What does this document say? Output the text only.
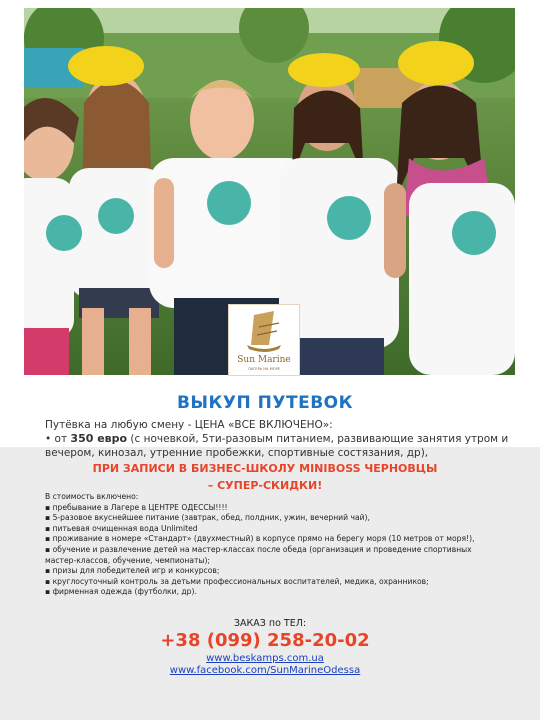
Sun Marine
ЛАГЕРЬ НА МОРЕ
ВЫКУП ПУТЕВОК
Путёвка на любую смену - ЦЕНА «ВСЕ ВКЛЮЧЕНО»:
• от 350 евро (с ночевкой, 5ти-разовым питанием, развивающие занятия утром и вечером, кинозал, утренние пробежки, спортивные состязания, др),
ПРИ ЗАПИСИ В БИЗНЕС-ШКОЛУ MINIBOSS ЧЕРНОВЦЫ
– СУПЕР-СКИДКИ!
В стоимость включено:
▪ пребывание в Лагере в ЦЕНТРЕ ОДЕССЫ!!!!
▪ 5-разовое вкуснейшее питание (завтрак, обед, полдник, ужин, вечерний чай),
▪ питьевая очищенная вода Unlimited
▪ проживание в номере «Стандарт» (двухместный) в корпусе прямо на берегу моря (10 метров от моря!),
▪ обучение и развлечение детей на мастер-классах после обеда (организация и проведение спортивных мастер-классов, обучение, чемпионаты);
▪ призы для победителей игр и конкурсов;
▪ круглосуточный контроль за детьми профессиональных воспитателей, медика, охранников;
▪ фирменная одежда (футболки, др).
ЗАКАЗ по ТЕЛ:
+38 (099) 258-20-02
www.beskamps.com.ua
www.facebook.com/SunMarineOdessa
